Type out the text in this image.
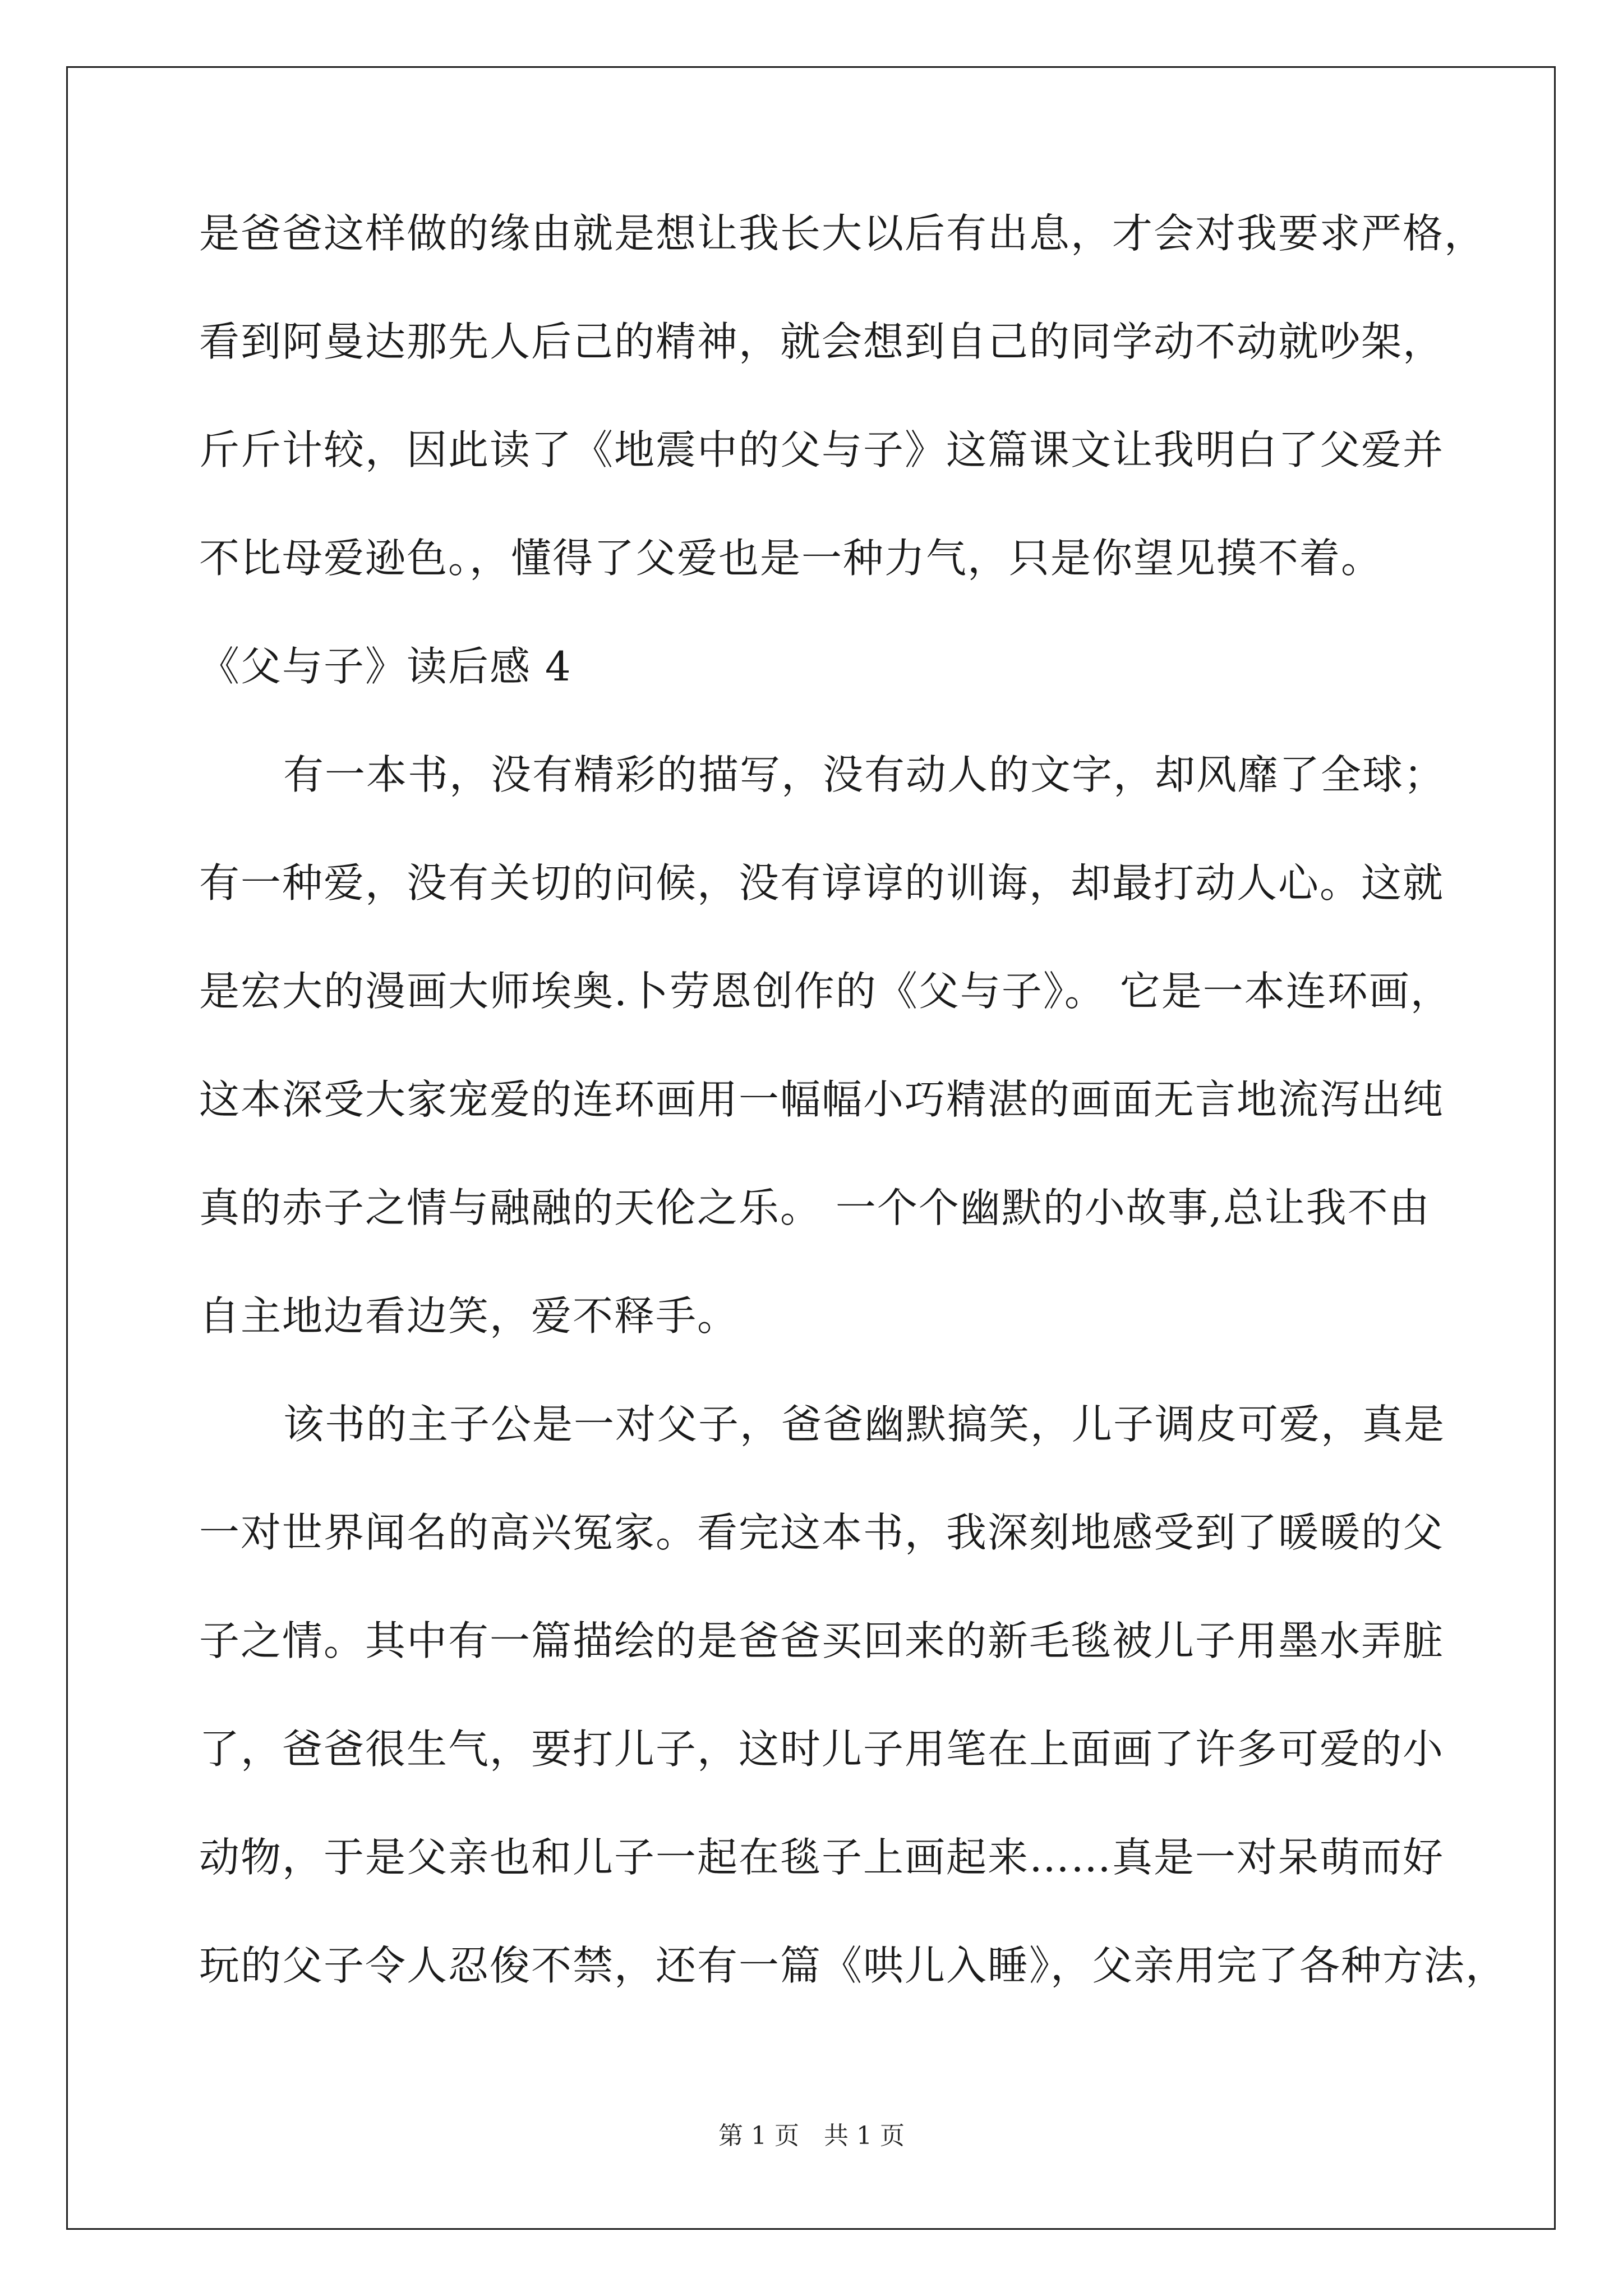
是爸爸这样做的缘由就是想让我长大以后有出息，才会对我要求严格，
看到阿曼达那先人后己的精神，就会想到自己的同学动不动就吵架，
斤斤计较，因此读了《地震中的父与子》这篇课文让我明白了父爱并
不比母爱逊色。，懂得了父爱也是一种力气，只是你望见摸不着。
《父与子》读后感 4
有一本书，没有精彩的描写，没有动人的文字，却风靡了全球；
有一种爱，没有关切的问候，没有谆谆的训诲，却最打动人心。这就
是宏大的漫画大师埃奥.卜劳恩创作的《父与子》。 它是一本连环画，
这本深受大家宠爱的连环画用一幅幅小巧精湛的画面无言地流泻出纯
真的赤子之情与融融的天伦之乐。 一个个幽默的小故事,总让我不由
自主地边看边笑，爱不释手。
该书的主子公是一对父子，爸爸幽默搞笑，儿子调皮可爱，真是
一对世界闻名的高兴冤家。看完这本书，我深刻地感受到了暖暖的父
子之情。其中有一篇描绘的是爸爸买回来的新毛毯被儿子用墨水弄脏
了，爸爸很生气，要打儿子，这时儿子用笔在上面画了许多可爱的小
动物，于是父亲也和儿子一起在毯子上画起来……真是一对呆萌而好
玩的父子令人忍俊不禁，还有一篇《哄儿入睡》，父亲用完了各种方法，
第 1 页　共 1 页
